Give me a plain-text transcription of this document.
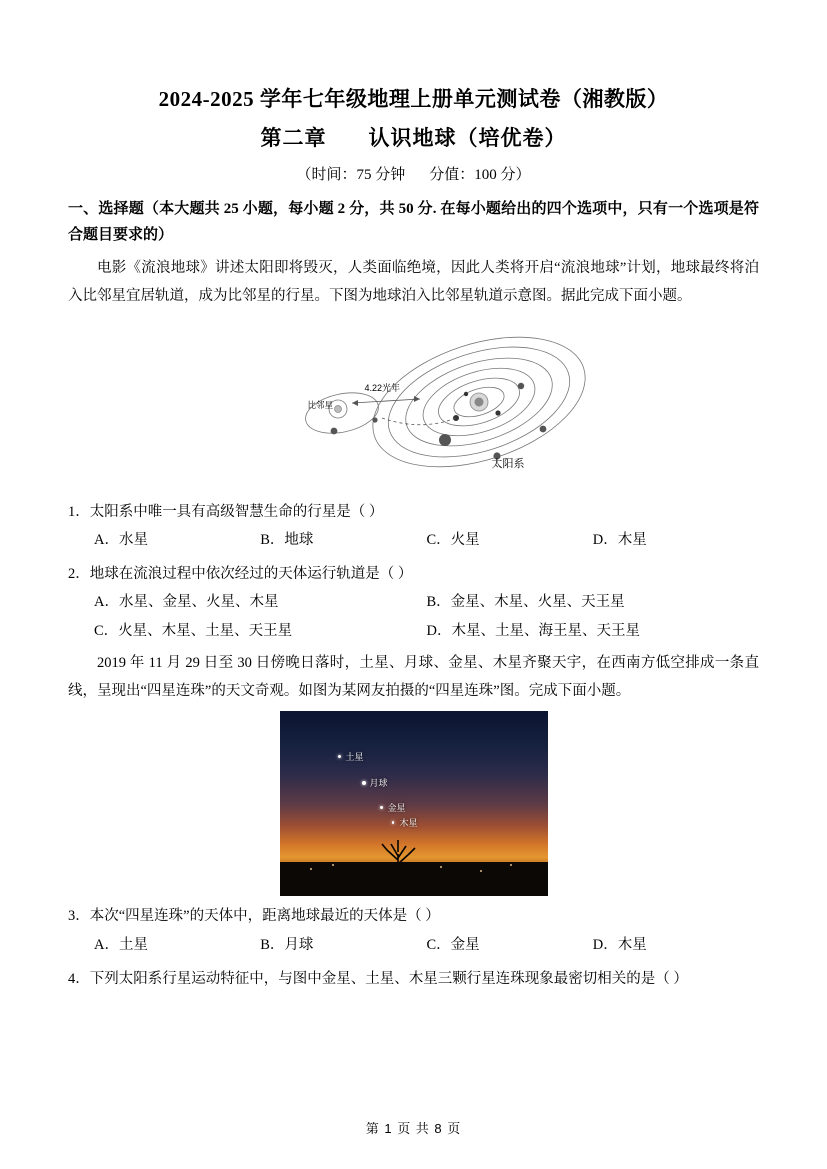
2024-2025 学年七年级地理上册单元测试卷（湘教版）
第二章 认识地球（培优卷）
（时间：75 分钟 分值：100 分）
一、选择题（本大题共 25 小题，每小题 2 分，共 50 分. 在每小题给出的四个选项中，只有一个选项是符合题目要求的）

电影《流浪地球》讲述太阳即将毁灭，人类面临绝境，因此人类将开启“流浪地球”计划，地球最终将泊入比邻星宜居轨道，成为比邻星的行星。下图为地球泊入比邻星轨道示意图。据此完成下面小题。

比邻星
4.22光年
太阳系
1．太阳系中唯一具有高级智慧生命的行星是（ ）
A．水星	B．地球	C．火星	D．木星
2．地球在流浪过程中依次经过的天体运行轨道是（ ）
A．水星、金星、火星、木星	B．金星、木星、火星、天王星
C．火星、木星、土星、天王星	D．木星、土星、海王星、天王星

2019 年 11 月 29 日至 30 日傍晚日落时，土星、月球、金星、木星齐聚天宇，在西南方低空排成一条直线，呈现出“四星连珠”的天文奇观。如图为某网友拍摄的“四星连珠”图。完成下面小题。

土星
月球
金星
木星
3．本次“四星连珠”的天体中，距离地球最近的天体是（ ）
A．土星	B．月球	C．金星	D．木星
4．下列太阳系行星运动特征中，与图中金星、土星、木星三颗行星连珠现象最密切相关的是（ ）
第 1 页 共 8 页
